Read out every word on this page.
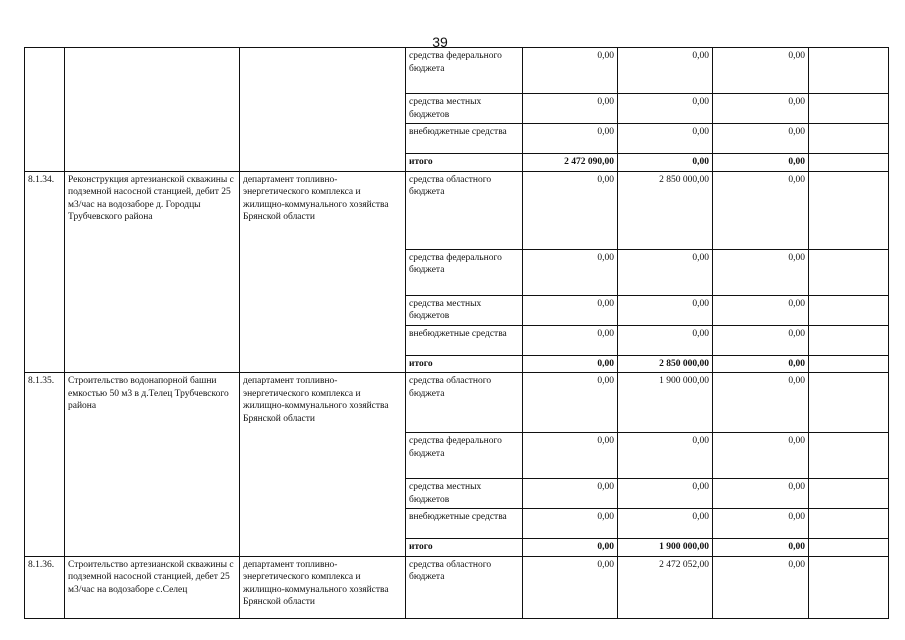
39
			средства федерального бюджета	0,00	0,00	0,00	
			средства местных бюджетов	0,00	0,00	0,00	
			внебюджетные средства	0,00	0,00	0,00	
			итого	2 472 090,00	0,00	0,00	
8.1.34.	Реконструкция артезианской скважины с подземной насосной станцией, дебит 25 м3/час на водозаборе д. Городцы Трубчевского района	департамент топливно-энергетического комплекса и жилищно-коммунального хозяйства Брянской области	средства областного бюджета	0,00	2 850 000,00	0,00	
			средства федерального бюджета	0,00	0,00	0,00	
			средства местных бюджетов	0,00	0,00	0,00	
			внебюджетные средства	0,00	0,00	0,00	
			итого	0,00	2 850 000,00	0,00	
8.1.35.	Строительство водонапорной башни емкостью 50 м3 в д.Телец Трубчевского района	департамент топливно-энергетического комплекса и жилищно-коммунального хозяйства Брянской области	средства областного бюджета	0,00	1 900 000,00	0,00	
			средства федерального бюджета	0,00	0,00	0,00	
			средства местных бюджетов	0,00	0,00	0,00	
			внебюджетные средства	0,00	0,00	0,00	
			итого	0,00	1 900 000,00	0,00	
8.1.36.	Строительство артезианской скважины с подземной насосной станцией, дебет 25 м3/час на водозаборе с.Селец	департамент топливно-энергетического комплекса и жилищно-коммунального хозяйства Брянской области	средства областного бюджета	0,00	2 472 052,00	0,00	
